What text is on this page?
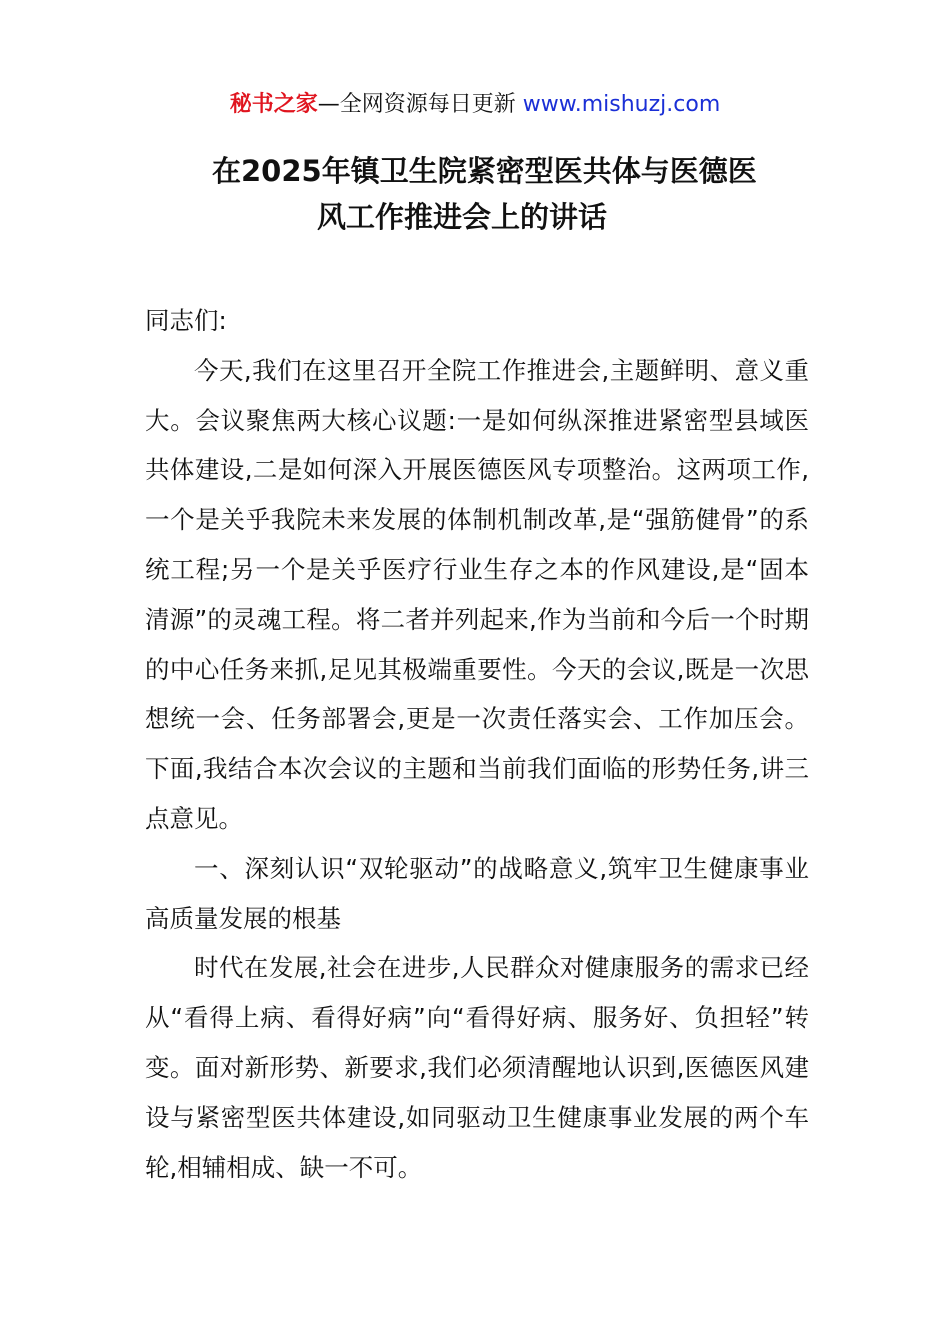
秘书之家—全网资源每日更新 www.mishuzj.com
在2025年镇卫生院紧密型医共体与医德医
风工作推进会上的讲话

同志们:

今天,我们在这里召开全院工作推进会,主题鲜明、意义重大。会议聚焦两大核心议题:一是如何纵深推进紧密型县域医共体建设,二是如何深入开展医德医风专项整治。这两项工作,一个是关乎我院未来发展的体制机制改革,是“强筋健骨”的系统工程;另一个是关乎医疗行业生存之本的作风建设,是“固本清源”的灵魂工程。将二者并列起来,作为当前和今后一个时期的中心任务来抓,足见其极端重要性。今天的会议,既是一次思想统一会、任务部署会,更是一次责任落实会、工作加压会。下面,我结合本次会议的主题和当前我们面临的形势任务,讲三点意见。

一、深刻认识“双轮驱动”的战略意义,筑牢卫生健康事业高质量发展的根基

时代在发展,社会在进步,人民群众对健康服务的需求已经从“看得上病、看得好病”向“看得好病、服务好、负担轻”转变。面对新形势、新要求,我们必须清醒地认识到,医德医风建设与紧密型医共体建设,如同驱动卫生健康事业发展的两个车轮,相辅相成、缺一不可。
